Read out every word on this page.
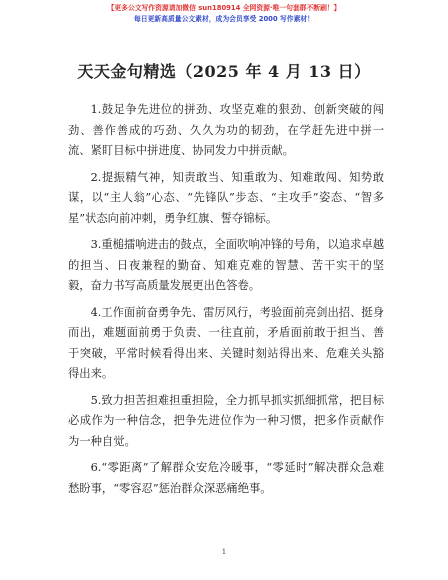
【更多公文写作资源请加微信 sun180914 全网资源·唯一句套群不断刷！】
每日更新高质量公文素材，成为会员享受 2000 写作素材！
天天金句精选（2025 年 4 月 13 日）

1.鼓足争先进位的拼劲、攻坚克难的狠劲、创新突破的闯劲、善作善成的巧劲、久久为功的韧劲，在学赶先进中拼一流、紧盯目标中拼进度、协同发力中拼贡献。

2.提振精气神，知责敢当、知重敢为、知难敢闯、知势敢谋，以“主人翁”心态、“先锋队”步态、“主攻手”姿态、“智多星”状态向前冲刺，勇争红旗、誓夺锦标。

3.重槌擂响进击的鼓点，全面吹响冲锋的号角，以追求卓越的担当、日夜兼程的勤奋、知难克难的智慧、苦干实干的坚毅，奋力书写高质量发展更出色答卷。

4.工作面前奋勇争先、雷厉风行，考验面前亮剑出招、挺身而出，难题面前勇于负责、一往直前，矛盾面前敢于担当、善于突破，平常时候看得出来、关键时刻站得出来、危难关头豁得出来。

5.致力担苦担难担重担险，全力抓早抓实抓细抓常，把目标必成作为一种信念，把争先进位作为一种习惯，把多作贡献作为一种自觉。

6.“零距离”了解群众安危冷暖事，“零延时”解决群众急难愁盼事，“零容忍”惩治群众深恶痛绝事。

1
